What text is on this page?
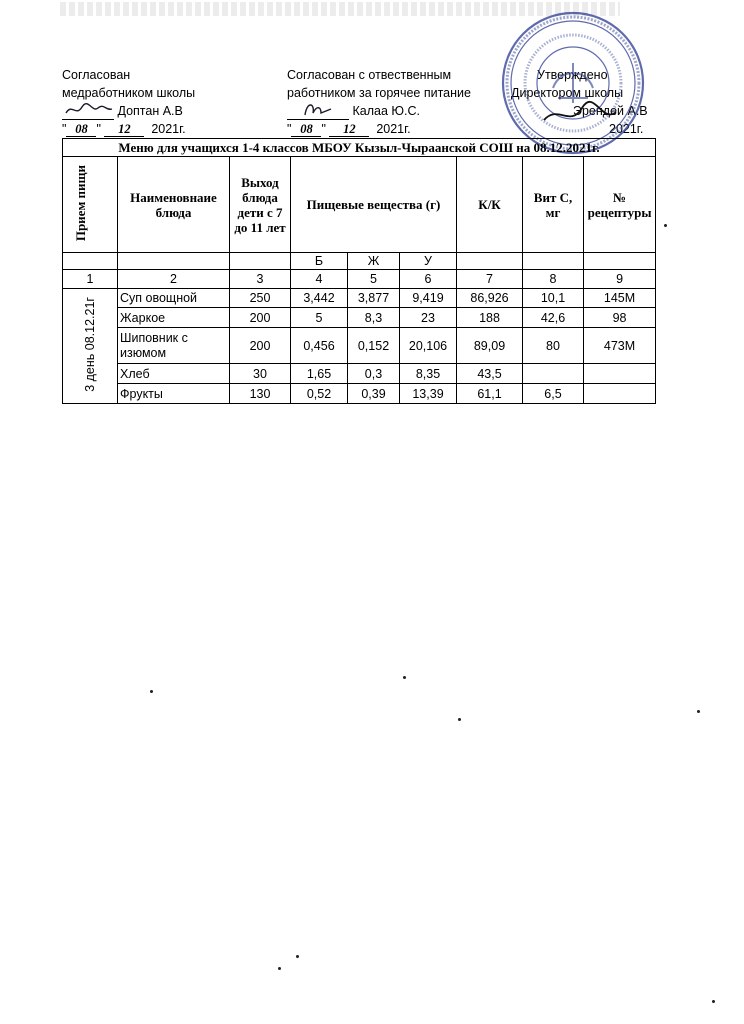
Согласован
медработником школы
Доптан А.В
" 08 " 12 2021г.
Согласован с отвественным
работником за горячее питание
Калаа Ю.С.
" 08 " 12 2021г.
Утверждено
Директором школы
Эрендей А.В
2021г.
Меню для учащихся 1-4 классов МБОУ Кызыл-Чыраанской СОШ на 08.12.2021г.								
Прием пищи	Наименовнаие блюда	Выход блюда дети с 7 до 11 лет	Пищевые вещества (г)			К/К	Вит С, мг	№ рецептуры
			Б	Ж	У			
1	2	3	4	5	6	7	8	9
3 день 08.12.21г	Суп овощной	250	3,442	3,877	9,419	86,926	10,1	145М
	Жаркое	200	5	8,3	23	188	42,6	98
	Шиповник с изюмом	200	0,456	0,152	20,106	89,09	80	473М
	Хлеб	30	1,65	0,3	8,35	43,5		
	Фрукты	130	0,52	0,39	13,39	61,1	6,5	
